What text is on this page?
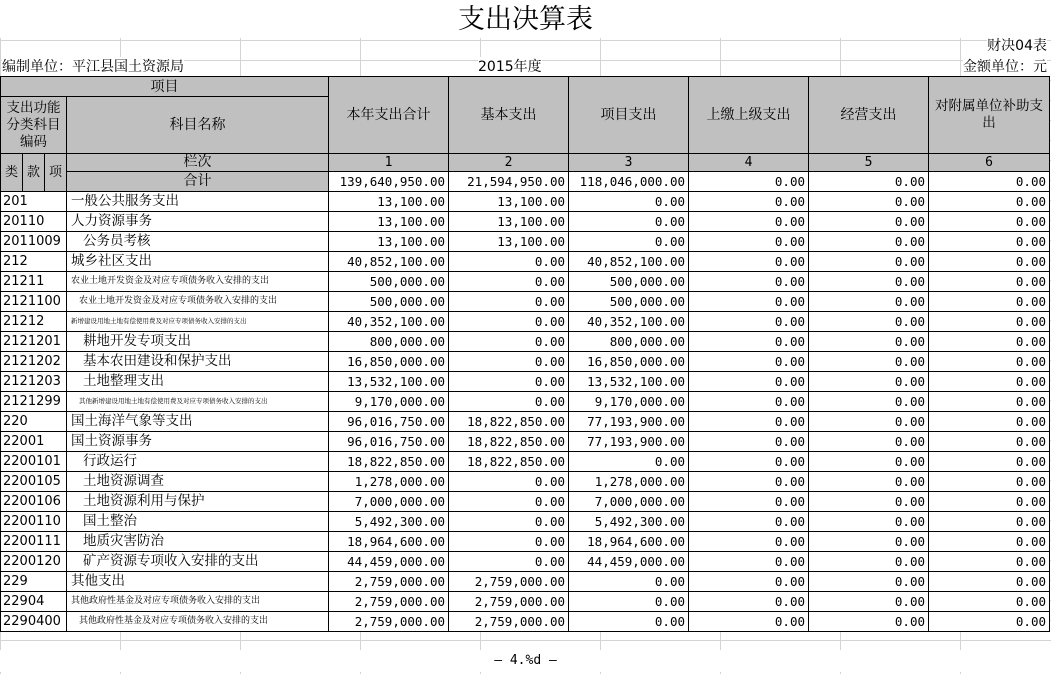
支出决算表
财决04表
编制单位：平江县国土资源局	2015年度	金额单位：元
项目				本年支出合计	基本支出	项目支出	上缴上级支出	经营支出	对附属单位补助支出
支出功能分类科目编码			科目名称						

类	款	项	栏次	1	2	3	4	5	6
			合计	139,640,950.00	21,594,950.00	118,046,000.00	0.00	0.00	0.00
201			一般公共服务支出	13,100.00	13,100.00	0.00	0.00	0.00	0.00
20110			人力资源事务	13,100.00	13,100.00	0.00	0.00	0.00	0.00
2011009			公务员考核	13,100.00	13,100.00	0.00	0.00	0.00	0.00
212			城乡社区支出	40,852,100.00	0.00	40,852,100.00	0.00	0.00	0.00
21211			农业土地开发资金及对应专项债务收入安排的支出	500,000.00	0.00	500,000.00	0.00	0.00	0.00
2121100			农业土地开发资金及对应专项债务收入安排的支出	500,000.00	0.00	500,000.00	0.00	0.00	0.00
21212			新增建设用地土地有偿使用费及对应专项债务收入安排的支出	40,352,100.00	0.00	40,352,100.00	0.00	0.00	0.00
2121201			耕地开发专项支出	800,000.00	0.00	800,000.00	0.00	0.00	0.00
2121202			基本农田建设和保护支出	16,850,000.00	0.00	16,850,000.00	0.00	0.00	0.00
2121203			土地整理支出	13,532,100.00	0.00	13,532,100.00	0.00	0.00	0.00
2121299			其他新增建设用地土地有偿使用费及对应专项债务收入安排的支出	9,170,000.00	0.00	9,170,000.00	0.00	0.00	0.00
220			国土海洋气象等支出	96,016,750.00	18,822,850.00	77,193,900.00	0.00	0.00	0.00
22001			国土资源事务	96,016,750.00	18,822,850.00	77,193,900.00	0.00	0.00	0.00
2200101			行政运行	18,822,850.00	18,822,850.00	0.00	0.00	0.00	0.00
2200105			土地资源调查	1,278,000.00	0.00	1,278,000.00	0.00	0.00	0.00
2200106			土地资源利用与保护	7,000,000.00	0.00	7,000,000.00	0.00	0.00	0.00
2200110			国土整治	5,492,300.00	0.00	5,492,300.00	0.00	0.00	0.00
2200111			地质灾害防治	18,964,600.00	0.00	18,964,600.00	0.00	0.00	0.00
2200120			矿产资源专项收入安排的支出	44,459,000.00	0.00	44,459,000.00	0.00	0.00	0.00
229			其他支出	2,759,000.00	2,759,000.00	0.00	0.00	0.00	0.00
22904			其他政府性基金及对应专项债务收入安排的支出	2,759,000.00	2,759,000.00	0.00	0.00	0.00	0.00
2290400			其他政府性基金及对应专项债务收入安排的支出	2,759,000.00	2,759,000.00	0.00	0.00	0.00	0.00
— 4.%d —
